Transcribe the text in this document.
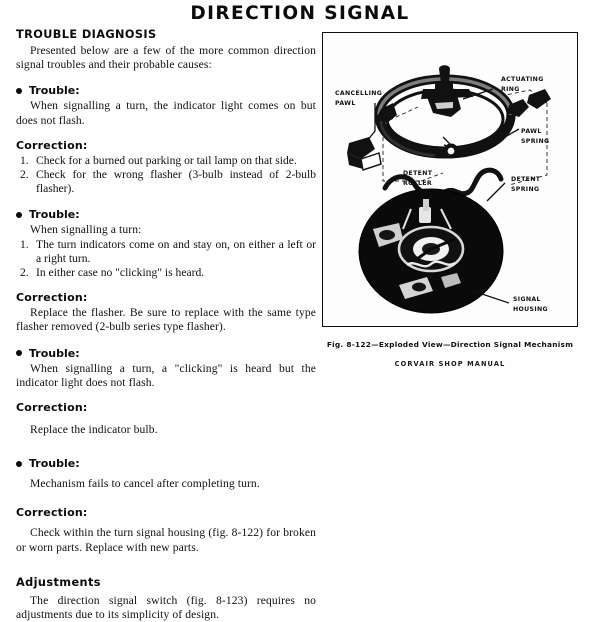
DIRECTION SIGNAL
TROUBLE DIAGNOSIS

Presented below are a few of the more common direction signal troubles and their probable causes:

Trouble:

When signalling a turn, the indicator light comes on but does not flash.

Correction:
Check for a burned out parking or tail lamp on that side.
Check for the wrong flasher (3-bulb instead of 2-bulb flasher).
Trouble:

When signalling a turn:

The turn indicators come on and stay on, on either a left or a right turn.
In either case no "clicking" is heard.
Correction:

Replace the flasher. Be sure to replace with the same type flasher removed (2-bulb series type flasher).

Trouble:

When signalling a turn, a "clicking" is heard but the indicator light does not flash.

Correction:

Replace the indicator bulb.

Trouble:

Mechanism fails to cancel after completing turn.

Correction:

Check within the turn signal housing (fig. 8-122) for broken or worn parts. Replace with new parts.

Adjustments

The direction signal switch (fig. 8-123) requires no adjustments due to its simplicity of design.

ACTUATING
RING
CANCELLING
PAWL
DETENT
ROLLER
PAWL
SPRING
DETENT
SPRING
SIGNAL
HOUSING
Fig. 8-122—Exploded View—Direction Signal Mechanism
CORVAIR SHOP MANUAL
